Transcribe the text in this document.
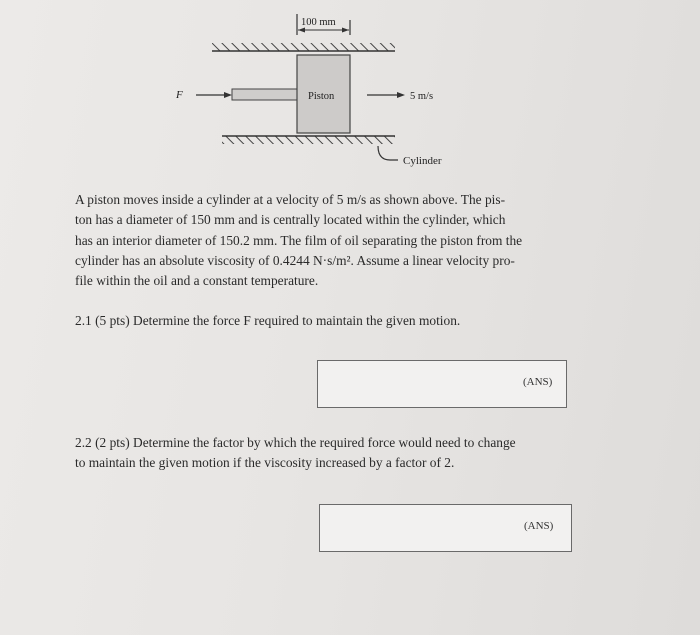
100 mm
F	Piston	5 m/s
Cylinder

A piston moves inside a cylinder at a velocity of 5 m/s as shown above. The pis-
ton has a diameter of 150 mm and is centrally located within the cylinder, which
has an interior diameter of 150.2 mm. The film of oil separating the piston from the
cylinder has an absolute viscosity of 0.4244 N·s/m². Assume a linear velocity pro-
file within the oil and a constant temperature.

2.1 (5 pts) Determine the force F required to maintain the given motion.

(ANS)

2.2 (2 pts) Determine the factor by which the required force would need to change
to maintain the given motion if the viscosity increased by a factor of 2.

(ANS)
